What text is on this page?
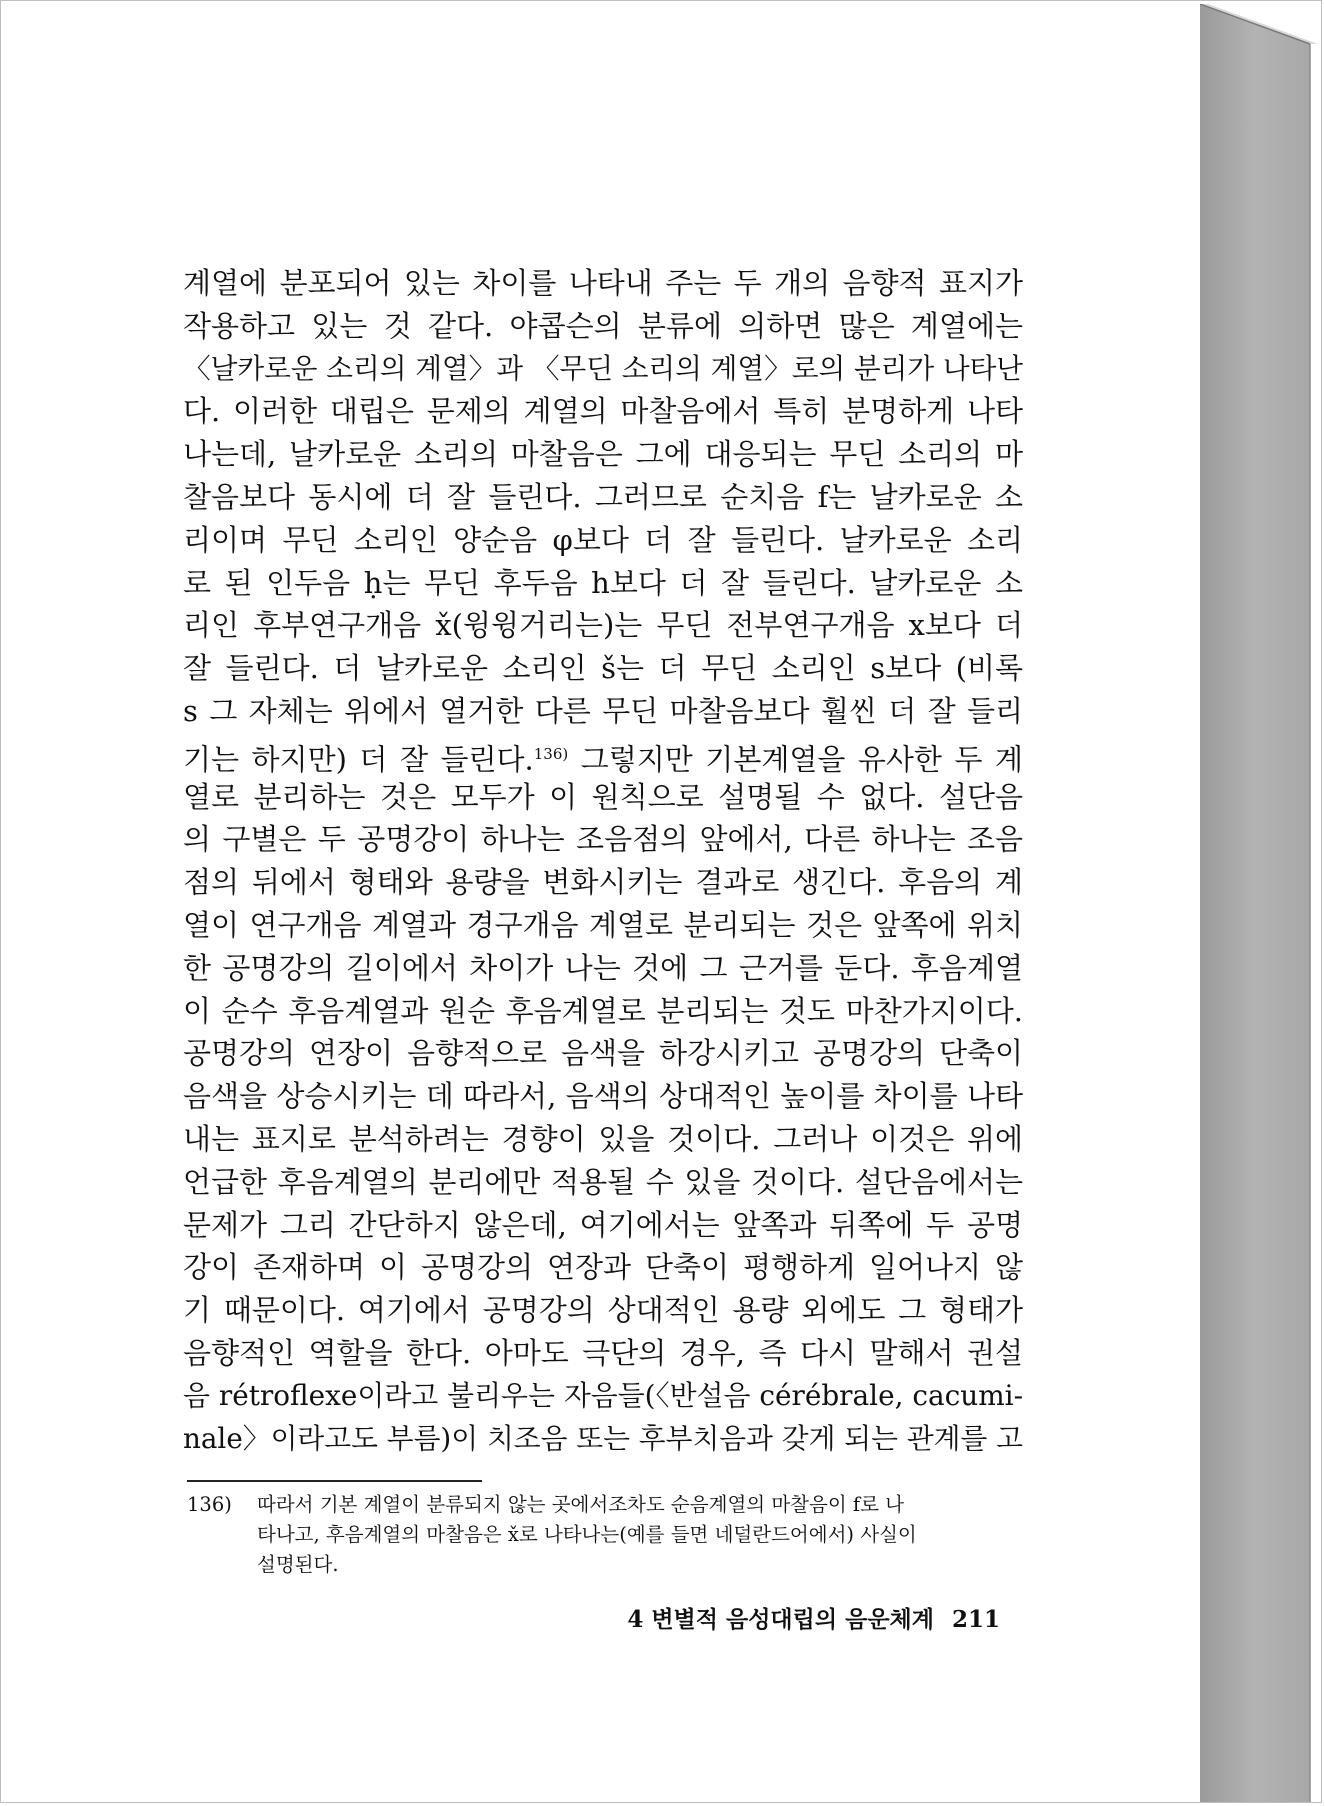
계열에 분포되어 있는 차이를 나타내 주는 두 개의 음향적 표지가
작용하고 있는 것 같다. 야콥슨의 분류에 의하면 많은 계열에는
〈날카로운 소리의 계열〉과 〈무딘 소리의 계열〉로의 분리가 나타난
다. 이러한 대립은 문제의 계열의 마찰음에서 특히 분명하게 나타
나는데, 날카로운 소리의 마찰음은 그에 대응되는 무딘 소리의 마
찰음보다 동시에 더 잘 들린다. 그러므로 순치음 f는 날카로운 소
리이며 무딘 소리인 양순음 φ보다 더 잘 들린다. 날카로운 소리
로 된 인두음 ḥ는 무딘 후두음 h보다 더 잘 들린다. 날카로운 소
리인 후부연구개음 x̌(윙윙거리는)는 무딘 전부연구개음 x보다 더
잘 들린다. 더 날카로운 소리인 š는 더 무딘 소리인 s보다 (비록
s 그 자체는 위에서 열거한 다른 무딘 마찰음보다 훨씬 더 잘 들리
기는 하지만) 더 잘 들린다.$^{136)}$ 그렇지만 기본계열을 유사한 두 계
열로 분리하는 것은 모두가 이 원칙으로 설명될 수 없다. 설단음
의 구별은 두 공명강이 하나는 조음점의 앞에서, 다른 하나는 조음
점의 뒤에서 형태와 용량을 변화시키는 결과로 생긴다. 후음의 계
열이 연구개음 계열과 경구개음 계열로 분리되는 것은 앞쪽에 위치
한 공명강의 길이에서 차이가 나는 것에 그 근거를 둔다. 후음계열
이 순수 후음계열과 원순 후음계열로 분리되는 것도 마찬가지이다.
공명강의 연장이 음향적으로 음색을 하강시키고 공명강의 단축이
음색을 상승시키는 데 따라서, 음색의 상대적인 높이를 차이를 나타
내는 표지로 분석하려는 경향이 있을 것이다. 그러나 이것은 위에
언급한 후음계열의 분리에만 적용될 수 있을 것이다. 설단음에서는
문제가 그리 간단하지 않은데, 여기에서는 앞쪽과 뒤쪽에 두 공명
강이 존재하며 이 공명강의 연장과 단축이 평행하게 일어나지 않
기 때문이다. 여기에서 공명강의 상대적인 용량 외에도 그 형태가
음향적인 역할을 한다. 아마도 극단의 경우, 즉 다시 말해서 권설
음 rétroflexe이라고 불리우는 자음들(〈반설음 cérébrale, cacumi-
nale〉이라고도 부름)이 치조음 또는 후부치음과 갖게 되는 관계를 고
136) 따라서 기본 계열이 분류되지 않는 곳에서조차도 순음계열의 마찰음이 f로 나
타나고, 후음계열의 마찰음은 x̌로 나타나는(예를 들면 네덜란드어에서) 사실이
설명된다.
4 변별적 음성대립의 음운체계 211
